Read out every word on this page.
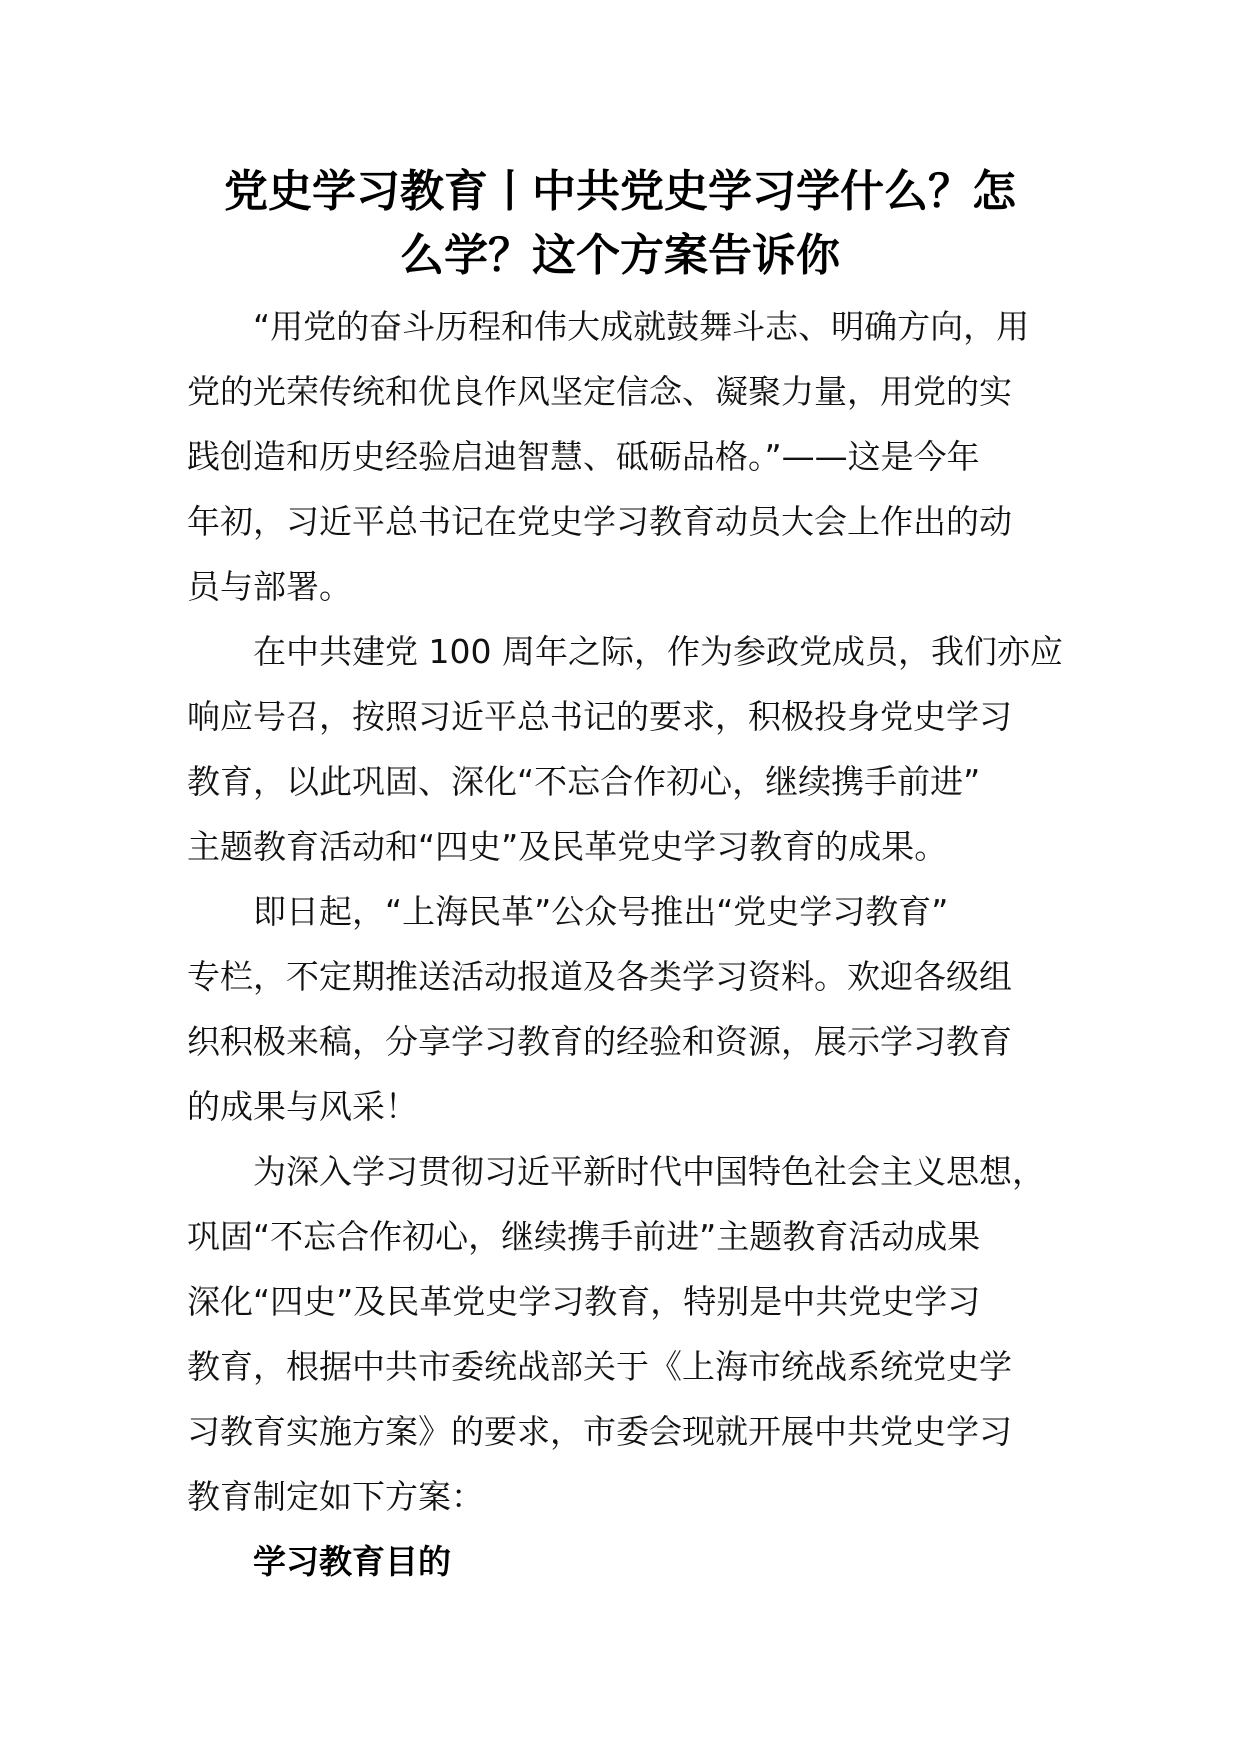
党史学习教育丨中共党史学习学什么？怎
么学？这个方案告诉你
“用党的奋斗历程和伟大成就鼓舞斗志、明确方向，用
党的光荣传统和优良作风坚定信念、凝聚力量，用党的实
践创造和历史经验启迪智慧、砥砺品格。”——这是今年
年初，习近平总书记在党史学习教育动员大会上作出的动
员与部署。
在中共建党 100 周年之际，作为参政党成员，我们亦应
响应号召，按照习近平总书记的要求，积极投身党史学习
教育，以此巩固、深化“不忘合作初心，继续携手前进”
主题教育活动和“四史”及民革党史学习教育的成果。
即日起，“上海民革”公众号推出“党史学习教育”
专栏，不定期推送活动报道及各类学习资料。欢迎各级组
织积极来稿，分享学习教育的经验和资源，展示学习教育
的成果与风采！
为深入学习贯彻习近平新时代中国特色社会主义思想，
巩固“不忘合作初心，继续携手前进”主题教育活动成果
深化“四史”及民革党史学习教育，特别是中共党史学习
教育，根据中共市委统战部关于《上海市统战系统党史学
习教育实施方案》的要求，市委会现就开展中共党史学习
教育制定如下方案：
学习教育目的
